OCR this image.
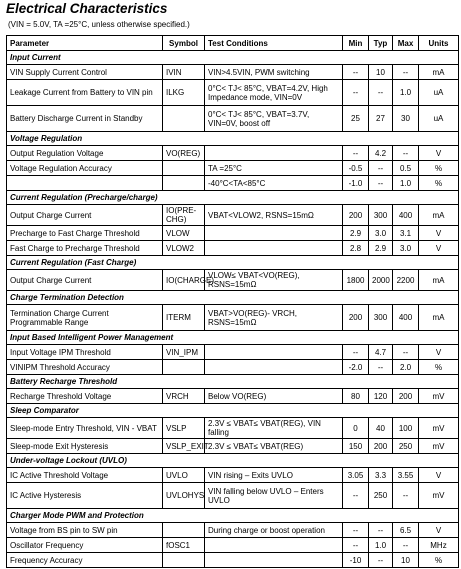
Electrical Characteristics
(VIN = 5.0V, TA =25°C, unless otherwise specified.)
Parameter	Symbol	Test Conditions	Min	Typ	Max	Units
Input Current						
VIN Supply Current Control	IVIN	VIN>4.5VIN, PWM switching	--	10	--	mA
Leakage Current from Battery to VIN pin	ILKG	0°C< TJ< 85°C, VBAT=4.2V, High Impedance mode, VIN=0V	--	--	1.0	uA
Battery Discharge Current in Standby		0°C< TJ< 85°C, VBAT=3.7V, VIN=0V, boost off	25	27	30	uA
Voltage Regulation						
Output Regulation Voltage	VO(REG)		--	4.2	--	V
Voltage Regulation Accuracy		TA =25°C	-0.5	--	0.5	%
		-40°C<TA<85°C	-1.0	--	1.0	%
Current Regulation (Precharge/charge)						
Output Charge Current	IO(PRE-CHG)	VBAT<VLOW2, RSNS=15mΩ	200	300	400	mA
Precharge to Fast Charge Threshold	VLOW		2.9	3.0	3.1	V
Fast Charge to Precharge Threshold	VLOW2		2.8	2.9	3.0	V
Current Regulation (Fast Charge)						
Output Charge Current	IO(CHARGE)	VLOW≤ VBAT<VO(REG), RSNS=15mΩ	1800	2000	2200	mA
Charge Termination Detection						
Termination Charge Current Programmable Range	ITERM	VBAT>VO(REG)- VRCH, RSNS=15mΩ	200	300	400	mA
Input Based Intelligent Power Management						
Input Voltage IPM Threshold	VIN_IPM		--	4.7	--	V
VINIPM Threshold Accuracy			-2.0	--	2.0	%
Battery Recharge Threshold						
Recharge Threshold Voltage	VRCH	Below VO(REG)	80	120	200	mV
Sleep Comparator						
Sleep-mode Entry Threshold, VIN - VBAT	VSLP	2.3V ≤ VBAT≤ VBAT(REG), VIN falling	0	40	100	mV
Sleep-mode Exit Hysteresis	VSLP_EXIT	2.3V ≤ VBAT≤ VBAT(REG)	150	200	250	mV
Under-voltage Lockout (UVLO)						
IC Active Threshold Voltage	UVLO	VIN rising – Exits UVLO	3.05	3.3	3.55	V
IC Active Hysteresis	UVLOHYS	VIN falling below UVLO – Enters UVLO	--	250	--	mV
Charger Mode PWM and Protection						
Voltage from BS pin to SW pin		During charge or boost operation	--	--	6.5	V
Oscillator Frequency	fOSC1		--	1.0	--	MHz
Frequency Accuracy			-10	--	10	%
